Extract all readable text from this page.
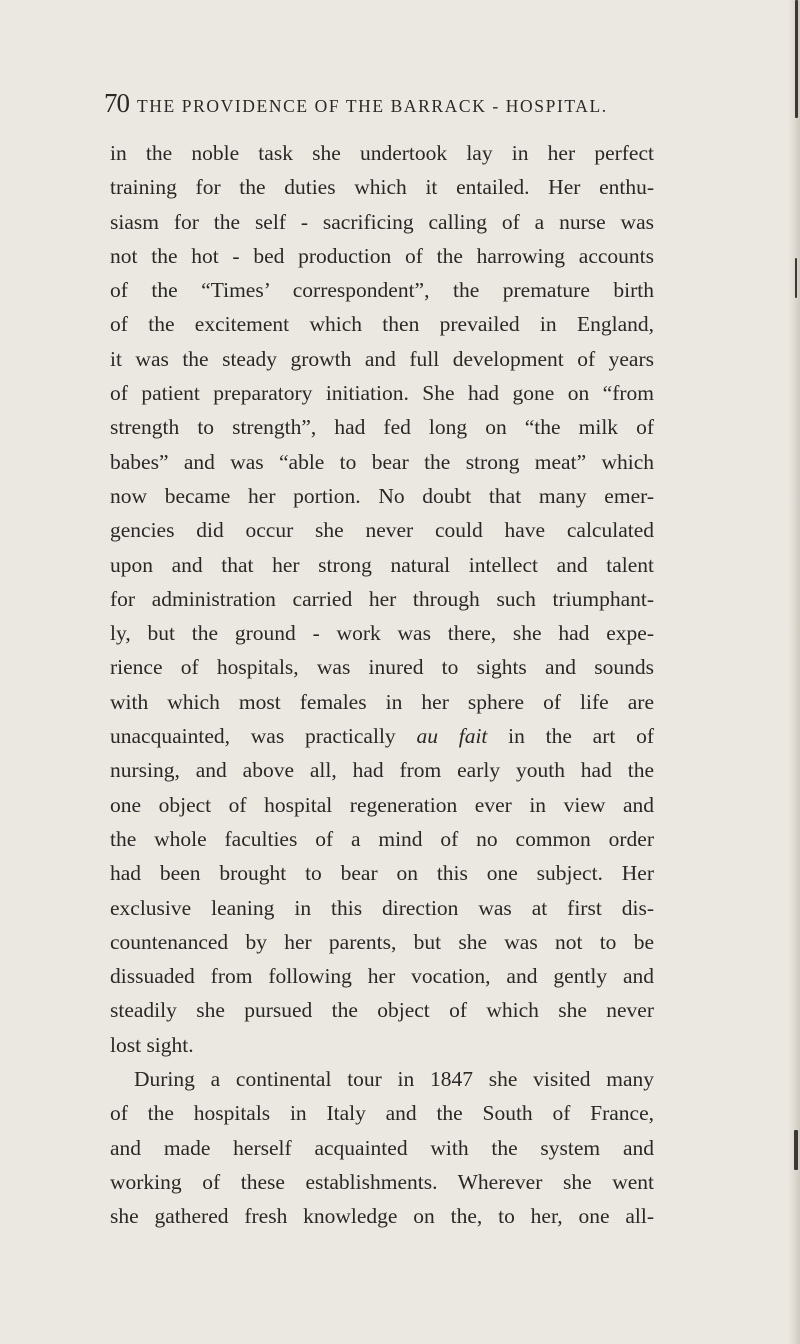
70 THE PROVIDENCE OF THE BARRACK - HOSPITAL.
in the noble task she undertook lay in her perfect
training for the duties which it entailed. Her enthu-
siasm for the self - sacrificing calling of a nurse was
not the hot - bed production of the harrowing accounts
of the “Times’ correspondent”, the premature birth
of the excitement which then prevailed in England,
it was the steady growth and full development of years
of patient preparatory initiation. She had gone on “from
strength to strength”, had fed long on “the milk of
babes” and was “able to bear the strong meat” which
now became her portion. No doubt that many emer-
gencies did occur she never could have calculated
upon and that her strong natural intellect and talent
for administration carried her through such triumphant-
ly, but the ground - work was there, she had expe-
rience of hospitals, was inured to sights and sounds
with which most females in her sphere of life are
unacquainted, was practically au fait in the art of
nursing, and above all, had from early youth had the
one object of hospital regeneration ever in view and
the whole faculties of a mind of no common order
had been brought to bear on this one subject. Her
exclusive leaning in this direction was at first dis-
countenanced by her parents, but she was not to be
dissuaded from following her vocation, and gently and
steadily she pursued the object of which she never
lost sight.
During a continental tour in 1847 she visited many
of the hospitals in Italy and the South of France,
and made herself acquainted with the system and
working of these establishments. Wherever she went
she gathered fresh knowledge on the, to her, one all-
